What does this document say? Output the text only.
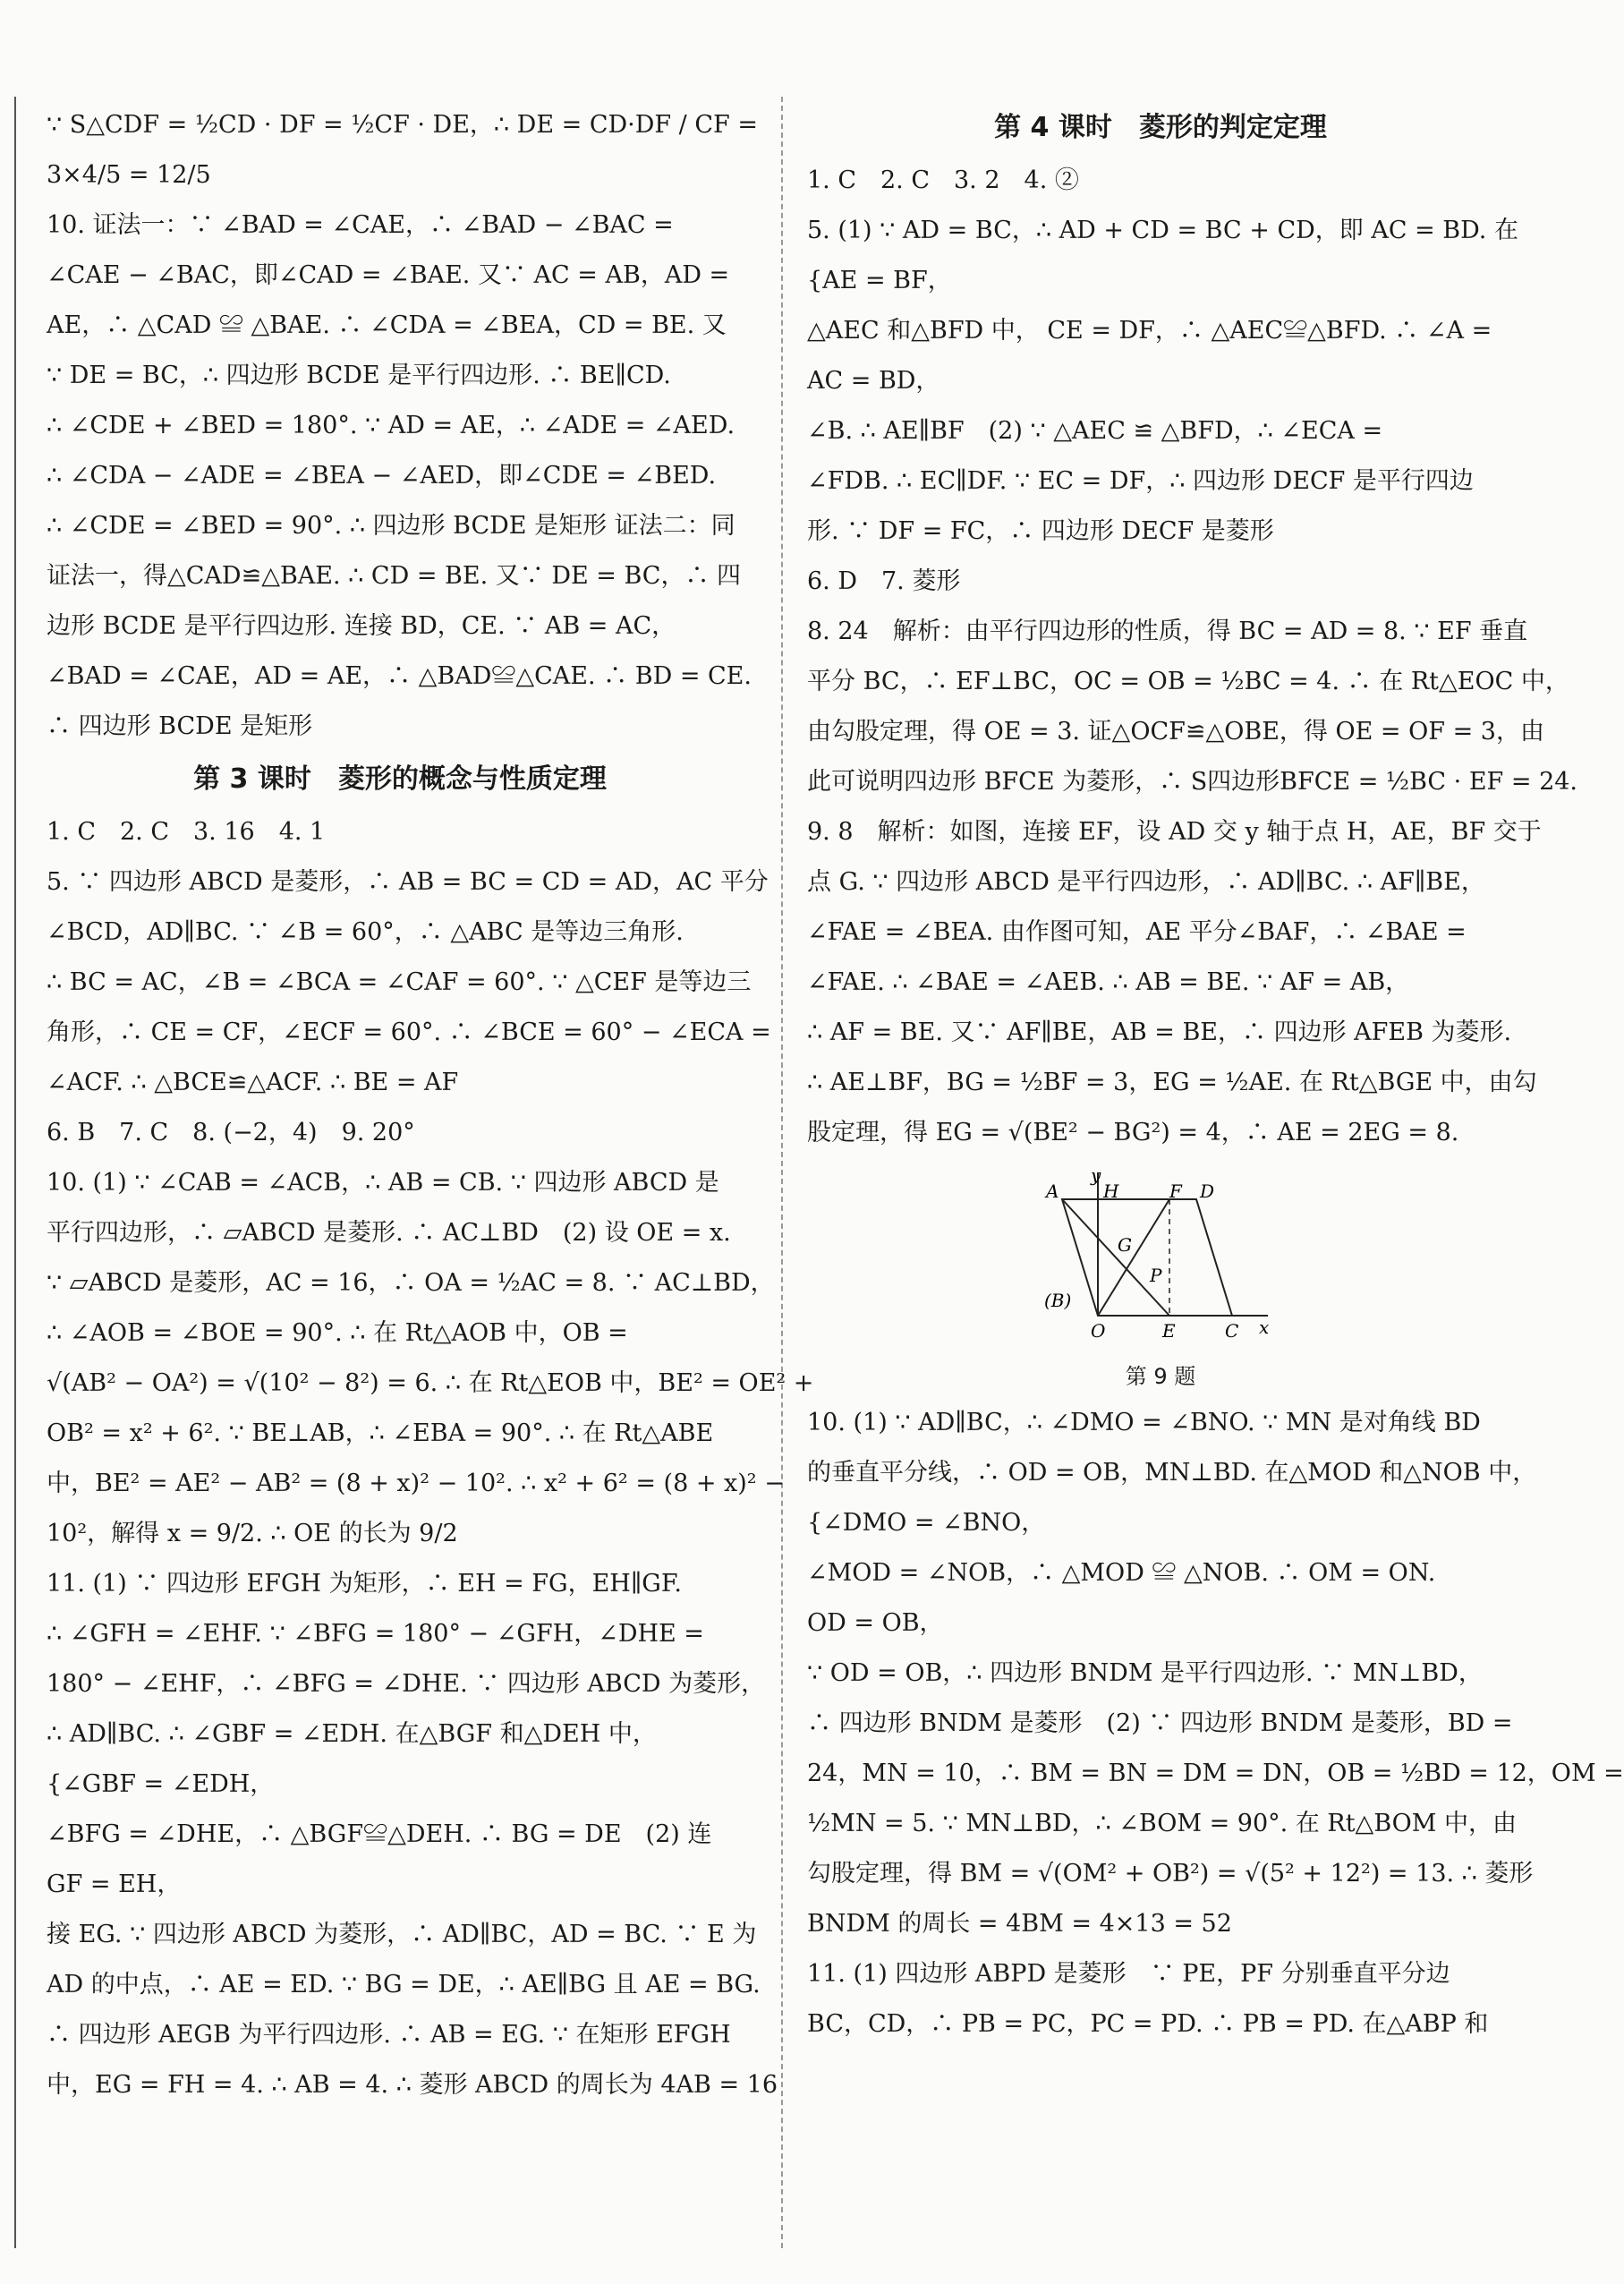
∵ S△CDF = ½CD · DF = ½CF · DE，∴ DE = CD·DF / CF =
3×4/5 = 12/5
10. 证法一：∵ ∠BAD = ∠CAE，∴ ∠BAD − ∠BAC =
∠CAE − ∠BAC，即∠CAD = ∠BAE. 又∵ AC = AB，AD =
AE，∴ △CAD ≌ △BAE. ∴ ∠CDA = ∠BEA，CD = BE. 又
∵ DE = BC，∴ 四边形 BCDE 是平行四边形. ∴ BE∥CD.
∴ ∠CDE + ∠BED = 180°. ∵ AD = AE，∴ ∠ADE = ∠AED.
∴ ∠CDA − ∠ADE = ∠BEA − ∠AED，即∠CDE = ∠BED.
∴ ∠CDE = ∠BED = 90°. ∴ 四边形 BCDE 是矩形 证法二：同
证法一，得△CAD≌△BAE. ∴ CD = BE. 又∵ DE = BC，∴ 四
边形 BCDE 是平行四边形. 连接 BD，CE. ∵ AB = AC，
∠BAD = ∠CAE，AD = AE，∴ △BAD≌△CAE. ∴ BD = CE.
∴ 四边形 BCDE 是矩形
第 3 课时　菱形的概念与性质定理
1. C　2. C　3. 16　4. 1
5. ∵ 四边形 ABCD 是菱形，∴ AB = BC = CD = AD，AC 平分
∠BCD，AD∥BC. ∵ ∠B = 60°，∴ △ABC 是等边三角形.
∴ BC = AC，∠B = ∠BCA = ∠CAF = 60°. ∵ △CEF 是等边三
角形，∴ CE = CF，∠ECF = 60°. ∴ ∠BCE = 60° − ∠ECA =
∠ACF. ∴ △BCE≌△ACF. ∴ BE = AF
6. B　7. C　8. (−2，4)　9. 20°
10. (1) ∵ ∠CAB = ∠ACB，∴ AB = CB. ∵ 四边形 ABCD 是
平行四边形，∴ ▱ABCD 是菱形. ∴ AC⊥BD　(2) 设 OE = x.
∵ ▱ABCD 是菱形，AC = 16，∴ OA = ½AC = 8. ∵ AC⊥BD，
∴ ∠AOB = ∠BOE = 90°. ∴ 在 Rt△AOB 中，OB =
√(AB² − OA²) = √(10² − 8²) = 6. ∴ 在 Rt△EOB 中，BE² = OE² +
OB² = x² + 6². ∵ BE⊥AB，∴ ∠EBA = 90°. ∴ 在 Rt△ABE
中，BE² = AE² − AB² = (8 + x)² − 10². ∴ x² + 6² = (8 + x)² −
10²，解得 x = 9/2. ∴ OE 的长为 9/2
11. (1) ∵ 四边形 EFGH 为矩形，∴ EH = FG，EH∥GF.
∴ ∠GFH = ∠EHF. ∵ ∠BFG = 180° − ∠GFH，∠DHE =
180° − ∠EHF，∴ ∠BFG = ∠DHE. ∵ 四边形 ABCD 为菱形，
∴ AD∥BC. ∴ ∠GBF = ∠EDH. 在△BGF 和△DEH 中，
{∠GBF = ∠EDH，
∠BFG = ∠DHE，∴ △BGF≌△DEH. ∴ BG = DE　(2) 连
GF = EH，
接 EG. ∵ 四边形 ABCD 为菱形，∴ AD∥BC，AD = BC. ∵ E 为
AD 的中点，∴ AE = ED. ∵ BG = DE，∴ AE∥BG 且 AE = BG.
∴ 四边形 AEGB 为平行四边形. ∴ AB = EG. ∵ 在矩形 EFGH
中，EG = FH = 4. ∴ AB = 4. ∴ 菱形 ABCD 的周长为 4AB = 16
第 4 课时　菱形的判定定理
1. C　2. C　3. 2　4. ②
5. (1) ∵ AD = BC，∴ AD + CD = BC + CD，即 AC = BD. 在
{AE = BF，
△AEC 和△BFD 中， CE = DF，∴ △AEC≌△BFD. ∴ ∠A =
AC = BD，
∠B. ∴ AE∥BF　(2) ∵ △AEC ≌ △BFD，∴ ∠ECA =
∠FDB. ∴ EC∥DF. ∵ EC = DF，∴ 四边形 DECF 是平行四边
形. ∵ DF = FC，∴ 四边形 DECF 是菱形
6. D　7. 菱形
8. 24　解析：由平行四边形的性质，得 BC = AD = 8. ∵ EF 垂直
平分 BC，∴ EF⊥BC，OC = OB = ½BC = 4. ∴ 在 Rt△EOC 中，
由勾股定理，得 OE = 3. 证△OCF≌△OBE，得 OE = OF = 3，由
此可说明四边形 BFCE 为菱形，∴ S四边形BFCE = ½BC · EF = 24.
9. 8　解析：如图，连接 EF，设 AD 交 y 轴于点 H，AE，BF 交于
点 G. ∵ 四边形 ABCD 是平行四边形，∴ AD∥BC. ∴ AF∥BE，
∠FAE = ∠BEA. 由作图可知，AE 平分∠BAF，∴ ∠BAE =
∠FAE. ∴ ∠BAE = ∠AEB. ∴ AB = BE. ∵ AF = AB，
∴ AF = BE. 又∵ AF∥BE，AB = BE，∴ 四边形 AFEB 为菱形.
∴ AE⊥BF，BG = ½BF = 3，EG = ½AE. 在 Rt△BGE 中，由勾
股定理，得 EG = √(BE² − BG²) = 4，∴ AE = 2EG = 8.
y
A H	F D
G
P
(B)
O	E	C x
第 9 题
10. (1) ∵ AD∥BC，∴ ∠DMO = ∠BNO. ∵ MN 是对角线 BD
的垂直平分线，∴ OD = OB，MN⊥BD. 在△MOD 和△NOB 中，
{∠DMO = ∠BNO，
∠MOD = ∠NOB，∴ △MOD ≌ △NOB. ∴ OM = ON.
OD = OB，
∵ OD = OB，∴ 四边形 BNDM 是平行四边形. ∵ MN⊥BD，
∴ 四边形 BNDM 是菱形　(2) ∵ 四边形 BNDM 是菱形，BD =
24，MN = 10，∴ BM = BN = DM = DN，OB = ½BD = 12，OM =
½MN = 5. ∵ MN⊥BD，∴ ∠BOM = 90°. 在 Rt△BOM 中，由
勾股定理，得 BM = √(OM² + OB²) = √(5² + 12²) = 13. ∴ 菱形
BNDM 的周长 = 4BM = 4×13 = 52
11. (1) 四边形 ABPD 是菱形　∵ PE，PF 分别垂直平分边
BC，CD，∴ PB = PC，PC = PD. ∴ PB = PD. 在△ABP 和
